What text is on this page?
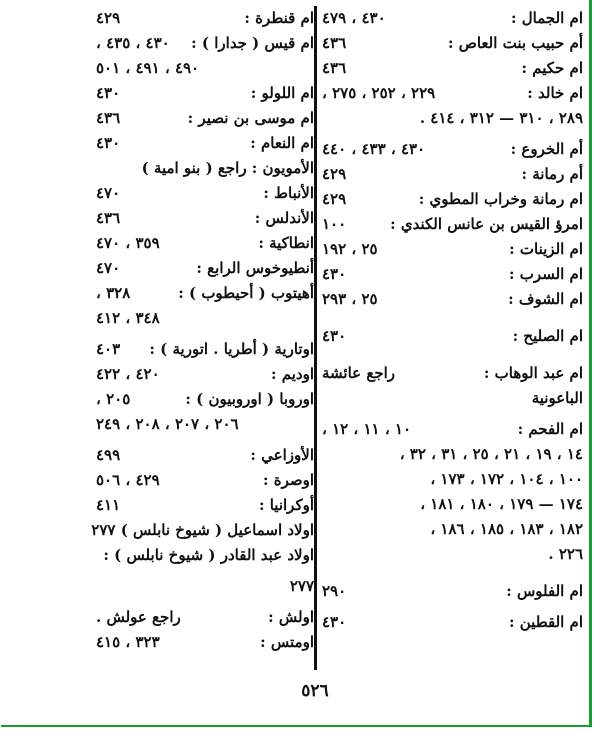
ام الجمال :
٤٣٠ ، ٤٧٩
أم حبيب بنت العاص :
٤٣٦
ام حكيم :
٤٣٦
ام خالد :
٢٢٩ ، ٢٥٢ ، ٢٧٥ ،
٢٨٩ ، ٣١٠ — ٣١٢ ، ٤١٤ .
أم الخروع :
٤٣٠ ، ٤٣٣ ، ٤٤٠
أم رمانة :
٤٢٩
ام رمانة وخراب المطوي :
٤٢٩
امرؤ القيس بن عانس الكندي :
١٠٠
ام الزينات :
٢٥ ، ١٩٢
ام السرب :
٤٣٠
ام الشوف :
٢٥ ، ٢٩٣
ام الصليح :
٤٣٠
ام عبد الوهاب :
راجع عائشة
الباعونية
ام الفحم :
١٠ ، ١١ ، ١٢ ،
١٤ ، ١٩ ، ٢١ ، ٢٥ ، ٣١ ، ٣٢ ،
١٠٠ ، ١٠٤ ، ١٧٢ ، ١٧٣ ،
١٧٤ — ١٧٩ ، ١٨٠ ، ١٨١ ،
١٨٢ ، ١٨٣ ، ١٨٥ ، ١٨٦ ،
٢٢٦ .
ام الفلوس :
٢٩٠
ام القطين :
٤٣٠
ام قنطرة :
٤٢٩
ام قيس ( جدارا ) :
٤٣٠ ، ٤٣٥ ،
٤٩٠ ، ٤٩١ ، ٥٠١
ام اللولو :
٤٣٠
ام موسى بن نصير :
٤٣٦
ام النعام :
٤٣٠
الأمويون : راجع ( بنو امية )
الأنباط :
٤٧٠
الأندلس :
٤٣٦
انطاكية :
٣٥٩ ، ٤٧٠
أنطيوخوس الرابع :
٤٧٠
أهيتوب ( أحيطوب ) :
٣٢٨ ،
٣٤٨ ، ٤١٢
اوتارية ( أطريا . اتورية ) :
٤٠٣
اوديم :
٤٢٠ ، ٤٢٢
اوروبا ( اوروبيون ) :
٢٠٥ ،
٢٠٦ ، ٢٠٧ ، ٢٠٨ ، ٢٤٩
الأوزاعي :
٤٩٩
اوصرة :
٤٢٩ ، ٥٠٦
أوكرانيا :
٤١١
اولاد اسماعيل ( شيوخ نابلس ) ٢٧٧
اولاد عبد القادر ( شيوخ نابلس ) :
٢٧٧
اولش :
راجع عولش .
اومتس :
٣٢٣ ، ٤١٥
٥٢٦
